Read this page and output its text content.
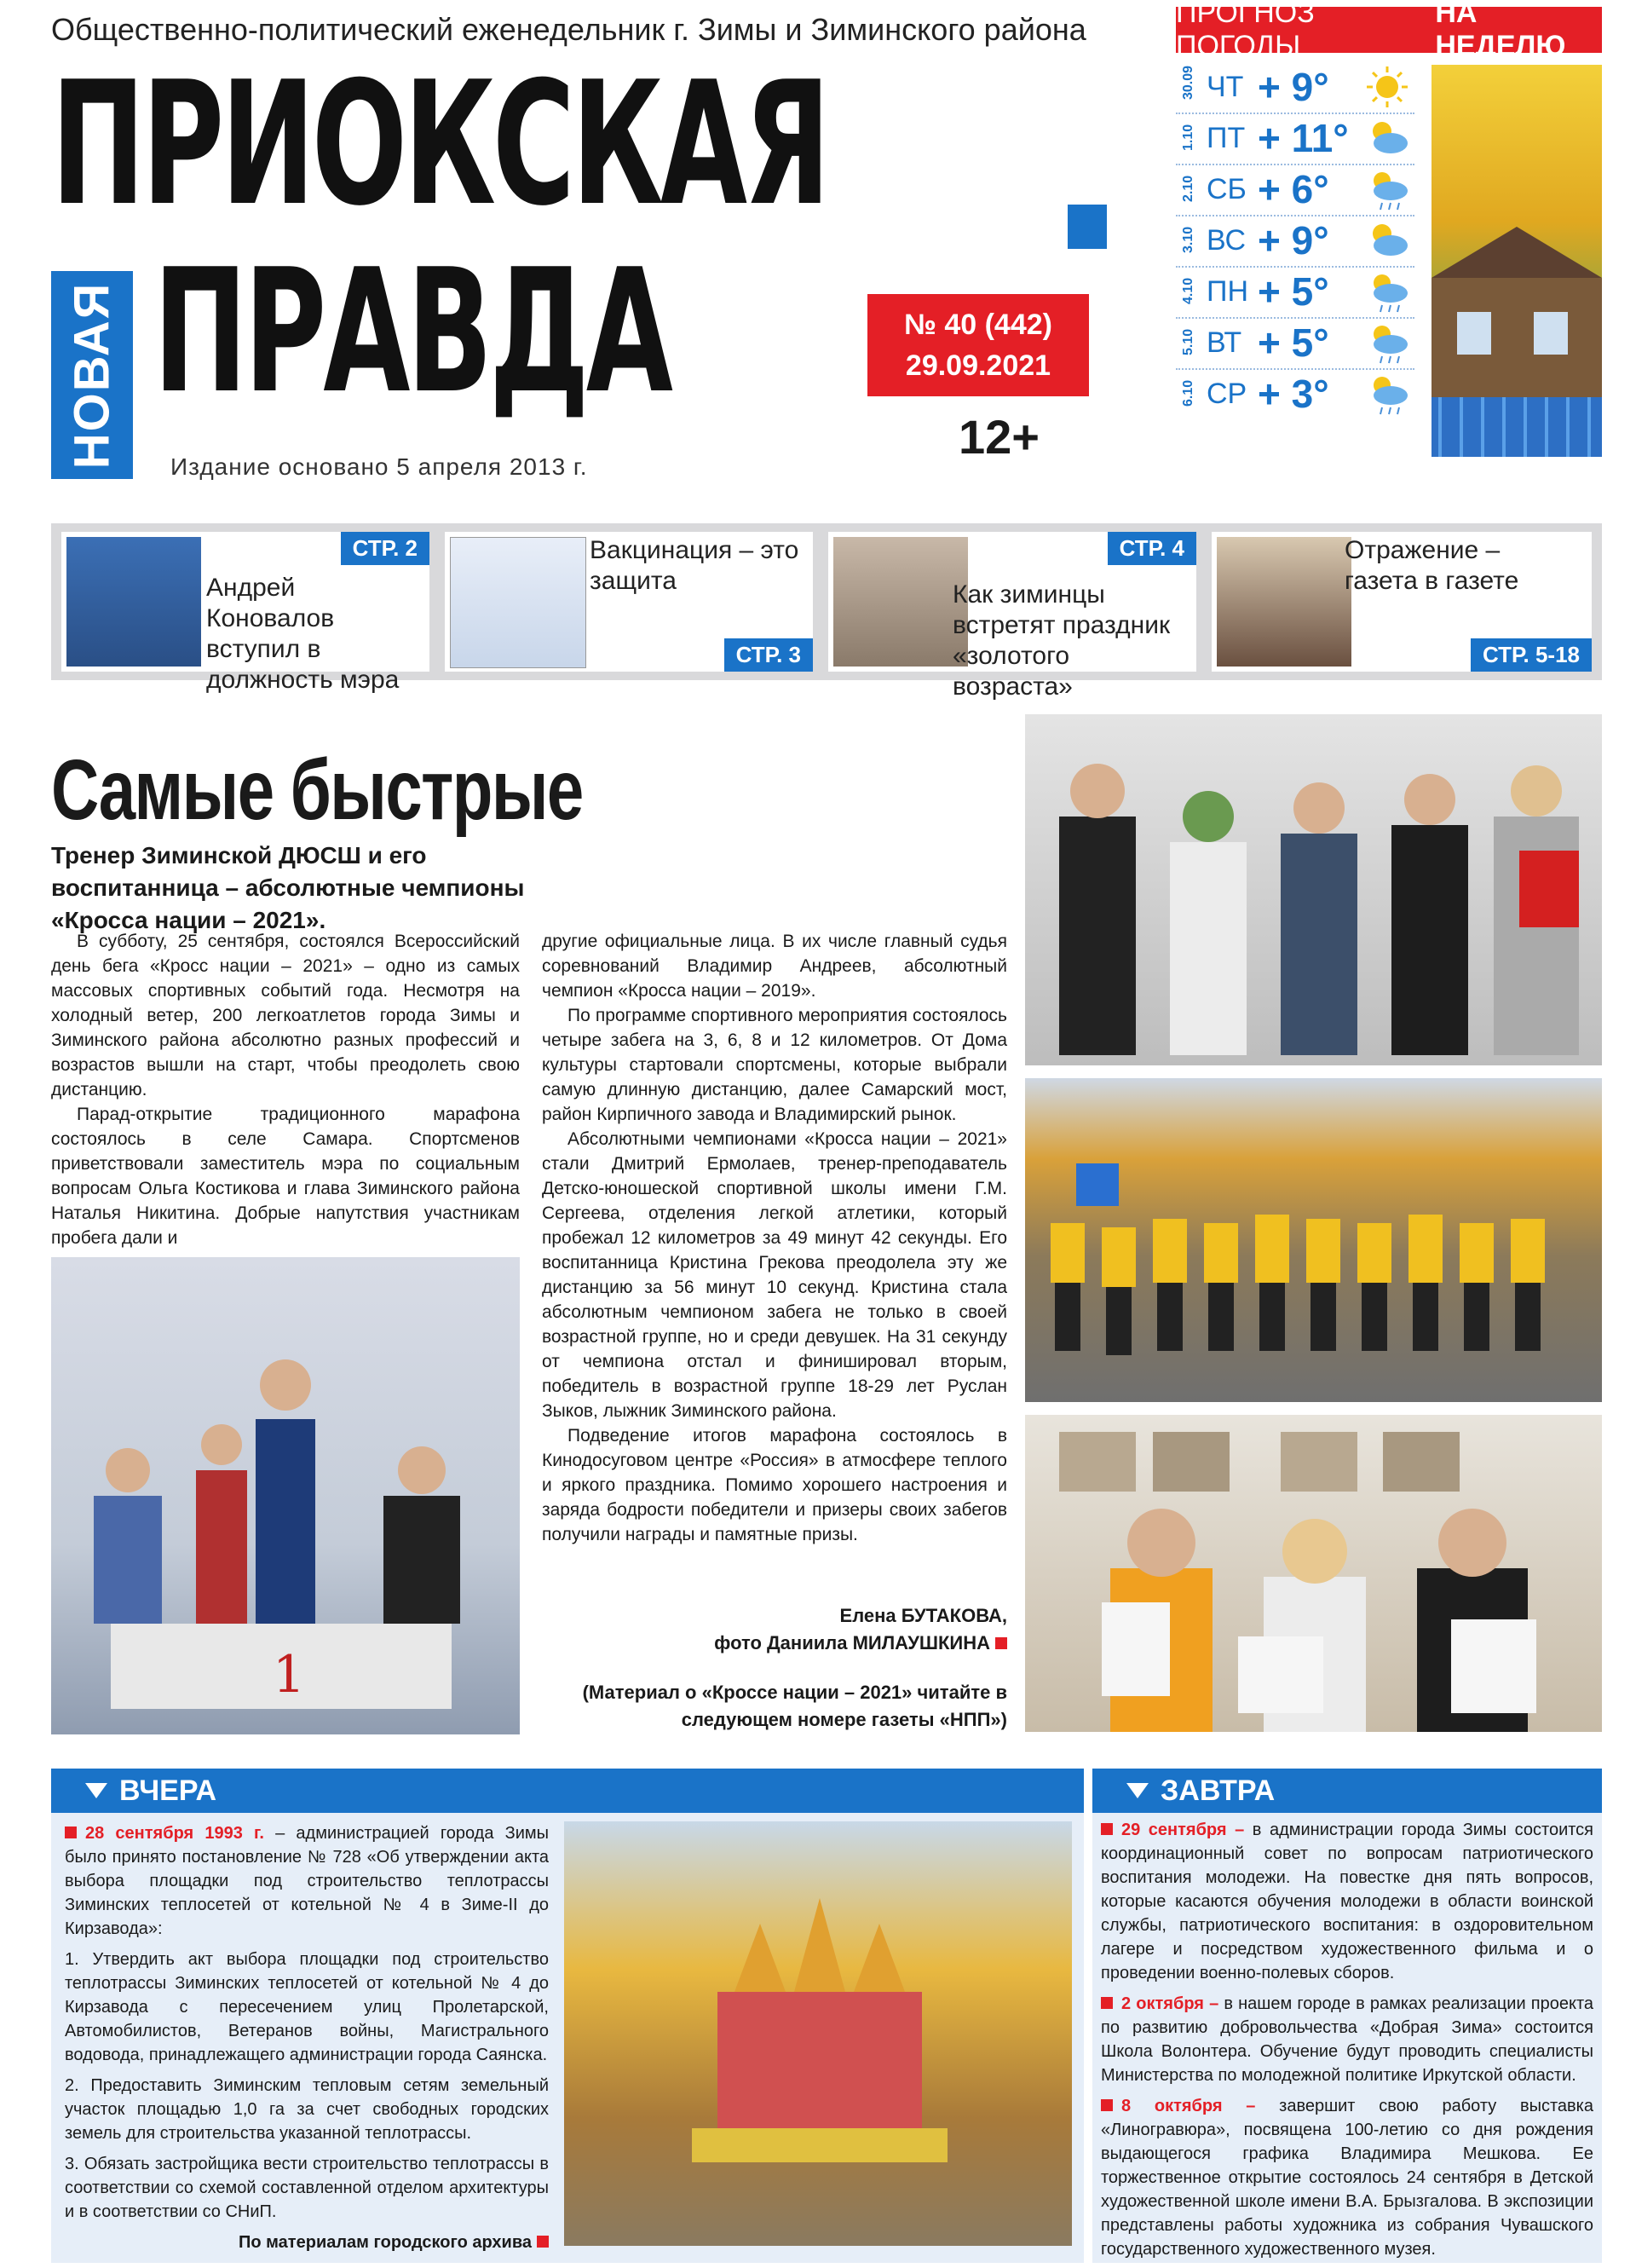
Общественно-политический еженедельник г. Зимы и Зиминского района
ПРИОКСКАЯ
НОВАЯ ПРАВДА
Издание основано 5 апреля 2013 г.
№ 40 (442)
29.09.2021
12+
ПРОГНОЗ ПОГОДЫ
НА НЕДЕЛЮ
30.09 ЧТ + 9°
1.10 ПТ + 11°
2.10 СБ + 6°
3.10 ВС + 9°
4.10 ПН + 5°
5.10 ВТ + 5°
6.10 СР + 3°
СТР. 2
Андрей Коновалов вступил в должность мэра
Вакцинация – это защита
СТР. 3
СТР. 4
Как зиминцы встретят праздник «золотого возраста»
Отражение – газета в газете
СТР. 5-18
Самые быстрые
Тренер Зиминской ДЮСШ и его воспитанница – абсолютные чемпионы «Кросса нации – 2021».

В субботу, 25 сентября, состоялся Всероссийский день бега «Кросс нации – 2021» – одно из самых массовых спортивных событий года. Несмотря на холодный ветер, 200 легкоатлетов города Зимы и Зиминского района абсолютно разных профессий и возрастов вышли на старт, чтобы преодолеть свою дистанцию.

Парад-открытие традиционного марафона состоялось в селе Самара. Спортсменов приветствовали заместитель мэра по социальным вопросам Ольга Костикова и глава Зиминского района Наталья Никитина. Добрые напутствия участникам пробега дали и

1

другие официальные лица. В их числе главный судья соревнований Владимир Андреев, абсолютный чемпион «Кросса нации – 2019».

По программе спортивного мероприятия состоялось четыре забега на 3, 6, 8 и 12 километров. От Дома культуры стартовали спортсмены, которые выбрали самую длинную дистанцию, далее Самарский мост, район Кирпичного завода и Владимирский рынок.

Абсолютными чемпионами «Кросса нации – 2021» стали Дмитрий Ермолаев, тренер-преподаватель Детско-юношеской спортивной школы имени Г.М. Сергеева, отделения легкой атлетики, который пробежал 12 километров за 49 минут 42 секунды. Его воспитанница Кристина Грекова преодолела эту же дистанцию за 56 минут 10 секунд. Кристина стала абсолютным чемпионом забега не только в своей возрастной группе, но и среди девушек. На 31 секунду от чемпиона отстал и финишировал вторым, победитель в возрастной группе 18-29 лет Руслан Зыков, лыжник Зиминского района.

Подведение итогов марафона состоялось в Кинодосуговом центре «Россия» в атмосфере теплого и яркого праздника. Помимо хорошего настроения и заряда бодрости победители и призеры своих забегов получили награды и памятные призы.

Елена БУТАКОВА,
фото Даниила МИЛАУШКИНА
(Материал о «Кроссе нации – 2021» читайте в следующем номере газеты «НПП»)
ВЧЕРА

28 сентября 1993 г. – администрацией города Зимы было принято постановление № 728 «Об утверждении акта выбора площадки под строительство теплотрассы Зиминских теплосетей от котельной № 4 в Зиме-II до Кирзавода»:

1. Утвердить акт выбора площадки под строительство теплотрассы Зиминских теплосетей от котельной № 4 до Кирзавода с пересечением улиц Пролетарской, Автомобилистов, Ветеранов войны, Магистрального водовода, принадлежащего администрации города Саянска.

2. Предоставить Зиминским тепловым сетям земельный участок площадью 1,0 га за счет свободных городских земель для строительства указанной теплотрассы.

3. Обязать застройщика вести строительство теплотрассы в соответствии со схемой составленной отделом архитектуры и в соответствии со СНиП.

По материалам городского архива

ЗАВТРА

29 сентября – в администрации города Зимы состоится координационный совет по вопросам патриотического воспитания молодежи. На повестке дня пять вопросов, которые касаются обучения молодежи в области воинской службы, патриотического воспитания: в оздоровительном лагере и посредством художественного фильма и о проведении военно-полевых сборов.

2 октября – в нашем городе в рамках реализации проекта по развитию добровольчества «Добрая Зима» состоится Школа Волонтера. Обучение будут проводить специалисты Министерства по молодежной политике Иркутской области.

8 октября – завершит свою работу выставка «Линогравюра», посвящена 100-летию со дня рождения выдающегося графика Владимира Мешкова. Ее торжественное открытие состоялось 24 сентября в Детской художественной школе имени В.А. Брызгалова. В экспозиции представлены работы художника из собрания Чувашского государственного художественного музея.
